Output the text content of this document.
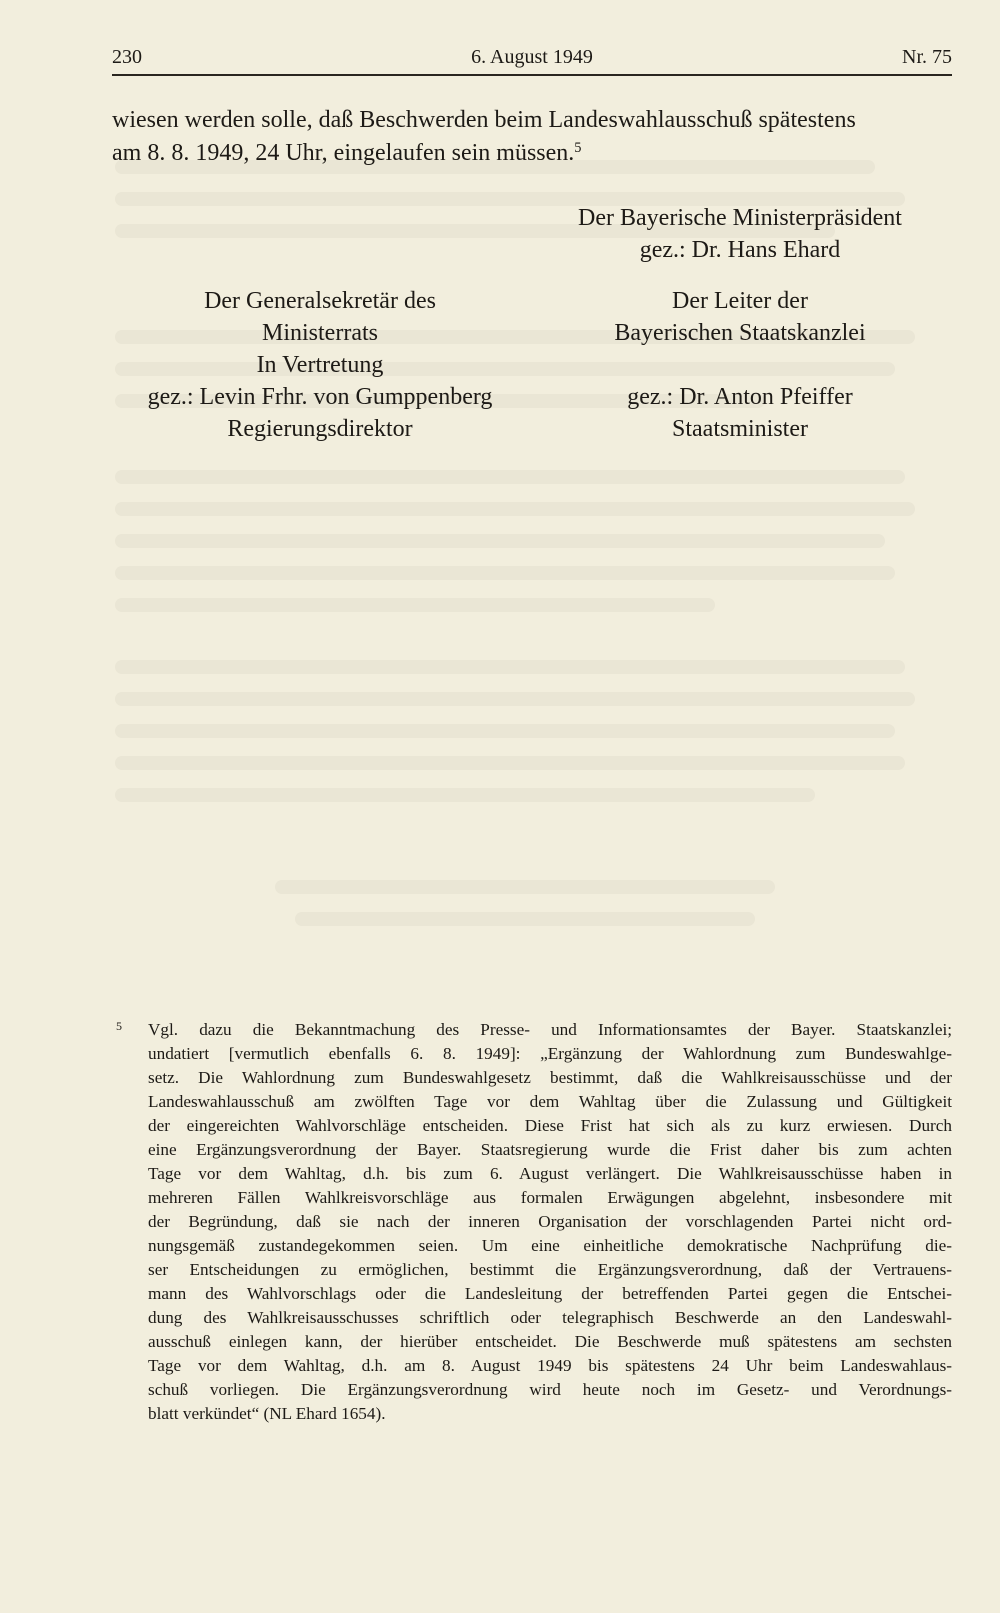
230	6. August 1949	Nr. 75

wiesen werden solle, daß Beschwerden beim Landeswahlausschuß spätestens
am 8. 8. 1949, 24 Uhr, eingelaufen sein müssen.$^5$

Der Bayerische Ministerpräsident
gez.: Dr. Hans Ehard
Der Generalsekretär des
Ministerrats
In Vertretung
gez.: Levin Frhr. von Gumppenberg
Regierungsdirektor
Der Leiter der
Bayerischen Staatskanzlei

gez.: Dr. Anton Pfeiffer
Staatsminister
5 Vgl. dazu die Bekanntmachung des Presse- und Informationsamtes der Bayer. Staatskanzlei;
undatiert [vermutlich ebenfalls 6. 8. 1949]: „Ergänzung der Wahlordnung zum Bundeswahlge-
setz. Die Wahlordnung zum Bundeswahlgesetz bestimmt, daß die Wahlkreisausschüsse und der
Landeswahlausschuß am zwölften Tage vor dem Wahltag über die Zulassung und Gültigkeit
der eingereichten Wahlvorschläge entscheiden. Diese Frist hat sich als zu kurz erwiesen. Durch
eine Ergänzungsverordnung der Bayer. Staatsregierung wurde die Frist daher bis zum achten
Tage vor dem Wahltag, d.h. bis zum 6. August verlängert. Die Wahlkreisausschüsse haben in
mehreren Fällen Wahlkreisvorschläge aus formalen Erwägungen abgelehnt, insbesondere mit
der Begründung, daß sie nach der inneren Organisation der vorschlagenden Partei nicht ord-
nungsgemäß zustandegekommen seien. Um eine einheitliche demokratische Nachprüfung die-
ser Entscheidungen zu ermöglichen, bestimmt die Ergänzungsverordnung, daß der Vertrauens-
mann des Wahlvorschlags oder die Landesleitung der betreffenden Partei gegen die Entschei-
dung des Wahlkreisausschusses schriftlich oder telegraphisch Beschwerde an den Landeswahl-
ausschuß einlegen kann, der hierüber entscheidet. Die Beschwerde muß spätestens am sechsten
Tage vor dem Wahltag, d.h. am 8. August 1949 bis spätestens 24 Uhr beim Landeswahlaus-
schuß vorliegen. Die Ergänzungsverordnung wird heute noch im Gesetz- und Verordnungs-
blatt verkündet“ (NL Ehard 1654).
